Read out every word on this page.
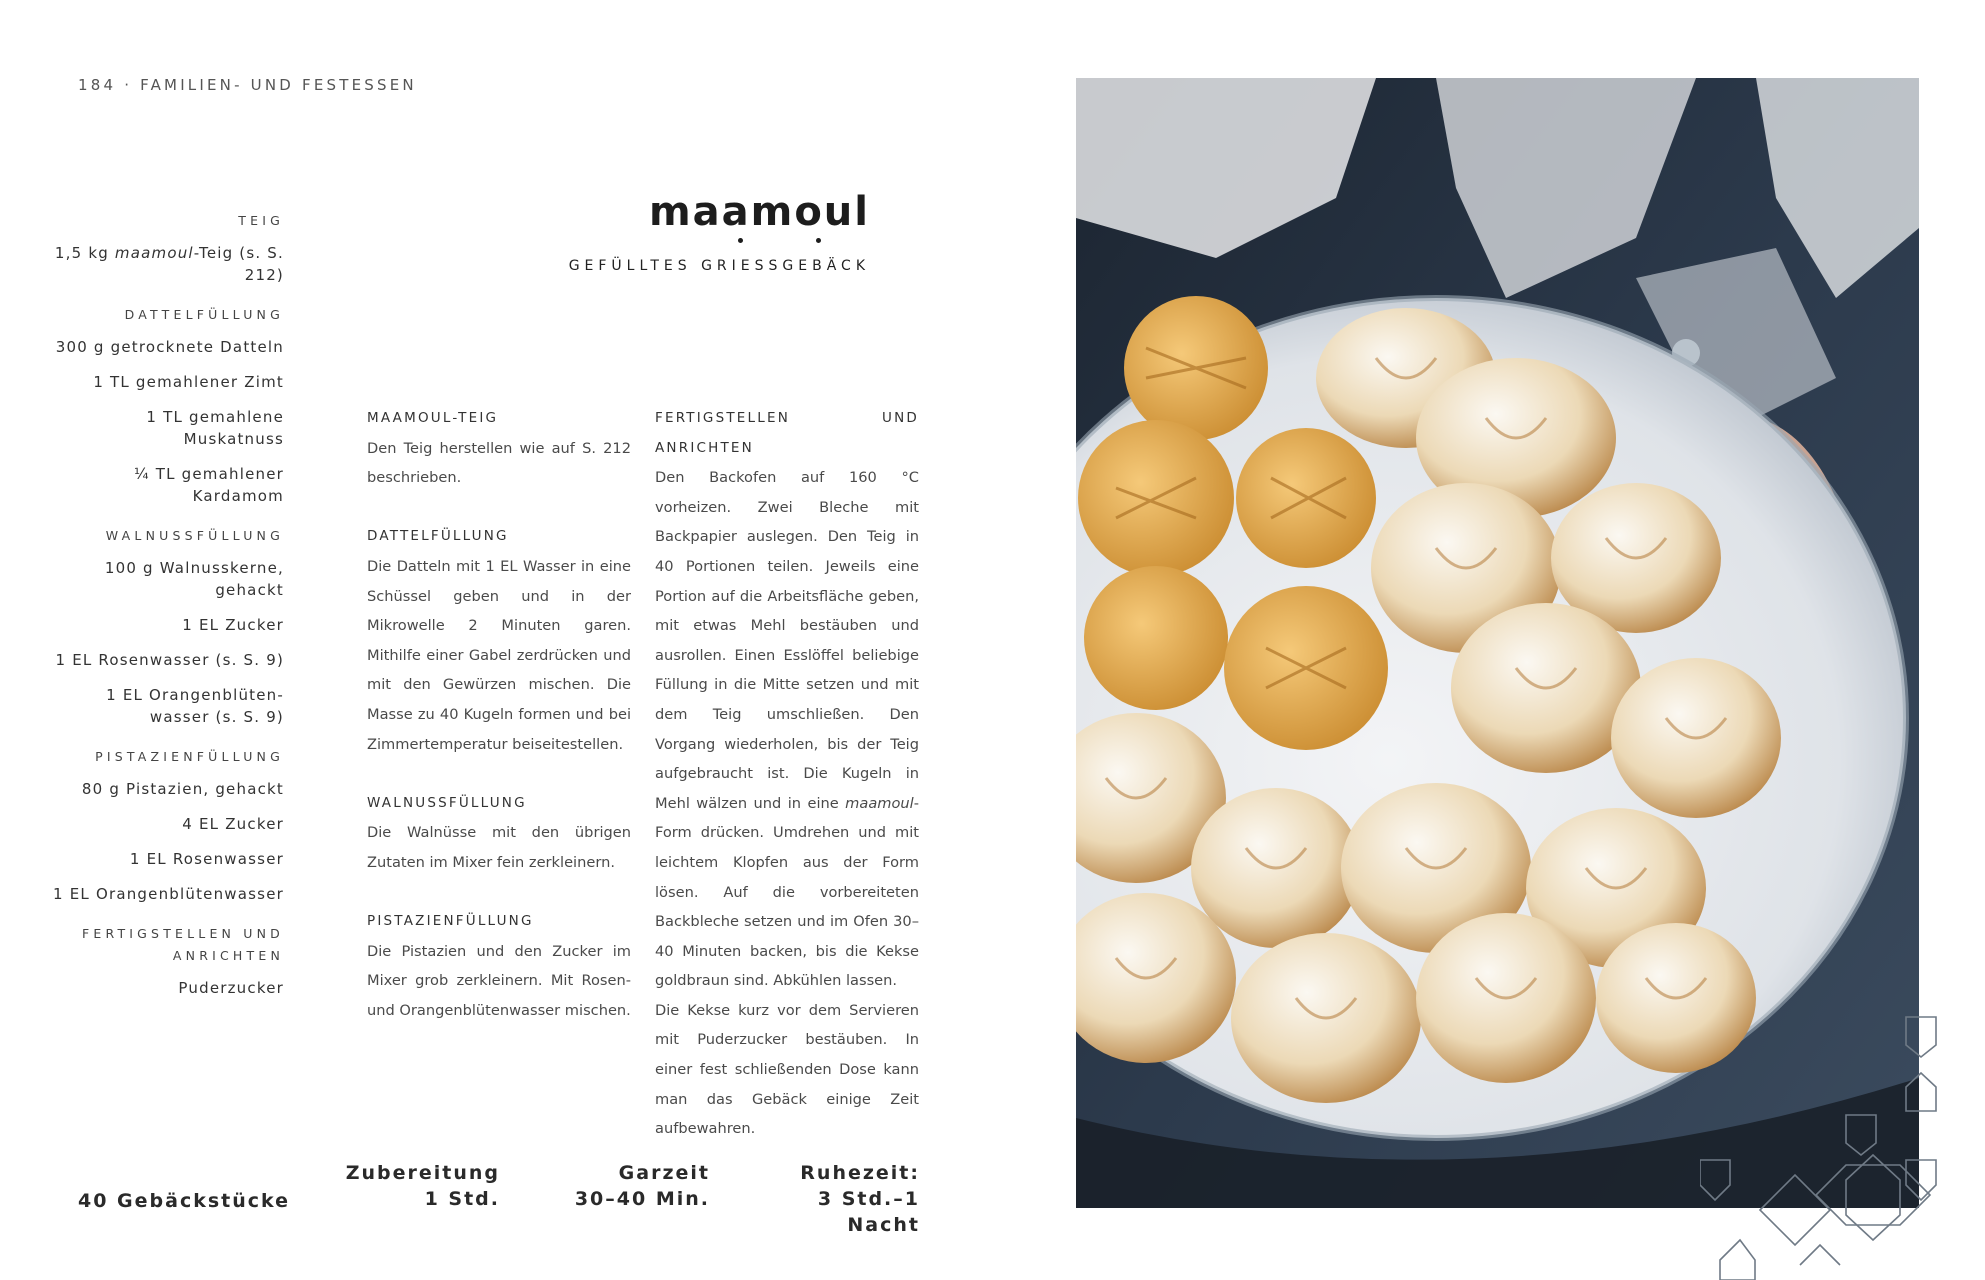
184 · FAMILIEN- UND FESTESSEN
TEIG
1,5 kg maamoul-Teig (s. S. 212)
DATTELFÜLLUNG
300 g getrocknete Datteln
1 TL gemahlener Zimt
1 TL gemahlene Muskatnuss
¼ TL gemahlener Kardamom
WALNUSSFÜLLUNG
100 g Walnusskerne, gehackt
1 EL Zucker
1 EL Rosenwasser (s. S. 9)
1 EL Orangenblüten-wasser (s. S. 9)
PISTAZIENFÜLLUNG
80 g Pistazien, gehackt
4 EL Zucker
1 EL Rosenwasser
1 EL Orangenblütenwasser
FERTIGSTELLEN UND ANRICHTEN
Puderzucker
maamoul
GEFÜLLTES GRIESSGEBÄCK
MAAMOUL-TEIG

Den Teig herstellen wie auf S. 212 beschrieben.

DATTELFÜLLUNG

Die Datteln mit 1 EL Wasser in eine Schüssel geben und in der Mikrowelle 2 Minuten garen. Mithilfe einer Gabel zerdrücken und mit den Gewürzen mischen. Die Masse zu 40 Kugeln formen und bei Zimmertemperatur beiseitestellen.

WALNUSSFÜLLUNG

Die Walnüsse mit den übrigen Zutaten im Mixer fein zerkleinern.

PISTAZIENFÜLLUNG

Die Pistazien und den Zucker im Mixer grob zerkleinern. Mit Rosen- und Orangenblütenwasser mischen.

FERTIGSTELLEN UND ANRICHTEN

Den Backofen auf 160 °C vorheizen. Zwei Bleche mit Backpapier auslegen. Den Teig in 40 Portionen teilen. Jeweils eine Portion auf die Arbeitsfläche geben, mit etwas Mehl bestäuben und ausrollen. Einen Esslöffel beliebige Füllung in die Mitte setzen und mit dem Teig umschließen. Den Vorgang wiederholen, bis der Teig aufgebraucht ist. Die Kugeln in Mehl wälzen und in eine maamoul-Form drücken. Umdrehen und mit leichtem Klopfen aus der Form lösen. Auf die vorbereiteten Backbleche setzen und im Ofen 30–40 Minuten backen, bis die Kekse goldbraun sind. Abkühlen lassen.

Die Kekse kurz vor dem Servieren mit Puderzucker bestäuben. In einer fest schließenden Dose kann man das Gebäck einige Zeit aufbewahren.

40 Gebäckstücke
Zubereitung
1 Std.
Garzeit
30–40 Min.
Ruhezeit:
3 Std.–1 Nacht
